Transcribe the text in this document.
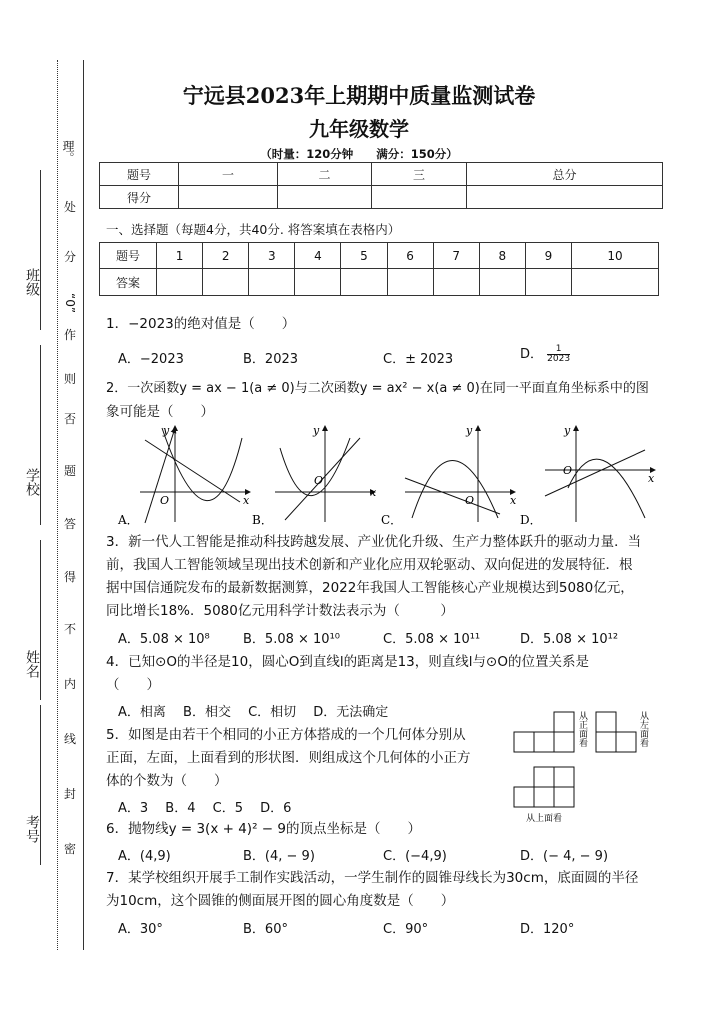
班级
学校
姓名
考号
理。
处
分
“0”
作
则
否
题
答
得
不
内
线
封
密
宁远县2023年上期期中质量监测试卷
九年级数学
（时量：120分钟　　满分：150分）
题号	一	二	三	总分
得分				
一、选择题（每题4分，共40分. 将答案填在表格内）
题号	1	2	3	4	5	6	7	8	9	10
答案										
1．−2023的绝对值是（　　）
A．−2023	B．2023	C．± 2023	D． $\frac{1}{2023}$
2．一次函数y = ax − 1(a ≠ 0)与二次函数y = ax² − x(a ≠ 0)在同一平面直角坐标系中的图
象可能是（　　）
y
x
O
A．
y
x
O
B．
y
x
O
C．
y
x
O
D．
3．新一代人工智能是推动科技跨越发展、产业优化升级、生产力整体跃升的驱动力量．当
前，我国人工智能领域呈现出技术创新和产业化应用双轮驱动、双向促进的发展特征．根
据中国信通院发布的最新数据测算，2022年我国人工智能核心产业规模达到5080亿元，
同比增长18%．5080亿元用科学计数法表示为（　　　）
A．5.08 × 10⁸	B．5.08 × 10¹⁰	C．5.08 × 10¹¹	D．5.08 × 10¹²
4．已知⊙O的半径是10，圆心O到直线l的距离是13，则直线l与⊙O的位置关系是
（　　）
A．相离　 B．相交　 C．相切　 D．无法确定
5．如图是由若干个相同的小正方体搭成的一个几何体分别从
正面，左面，上面看到的形状图．则组成这个几何体的小正方
体的个数为（　　）
A．3　 B．4　 C．5　 D．6
从正面看	从左面看
从上面看
6．抛物线y = 3(x + 4)² − 9的顶点坐标是（　　）
A．(4,9)	B．(4, − 9)	C．(−4,9)	D．(− 4, − 9)
7．某学校组织开展手工制作实践活动，一学生制作的圆锥母线长为30cm，底面圆的半径
为10cm，这个圆锥的侧面展开图的圆心角度数是（　　）
A．30°	B．60°	C．90°	D．120°
